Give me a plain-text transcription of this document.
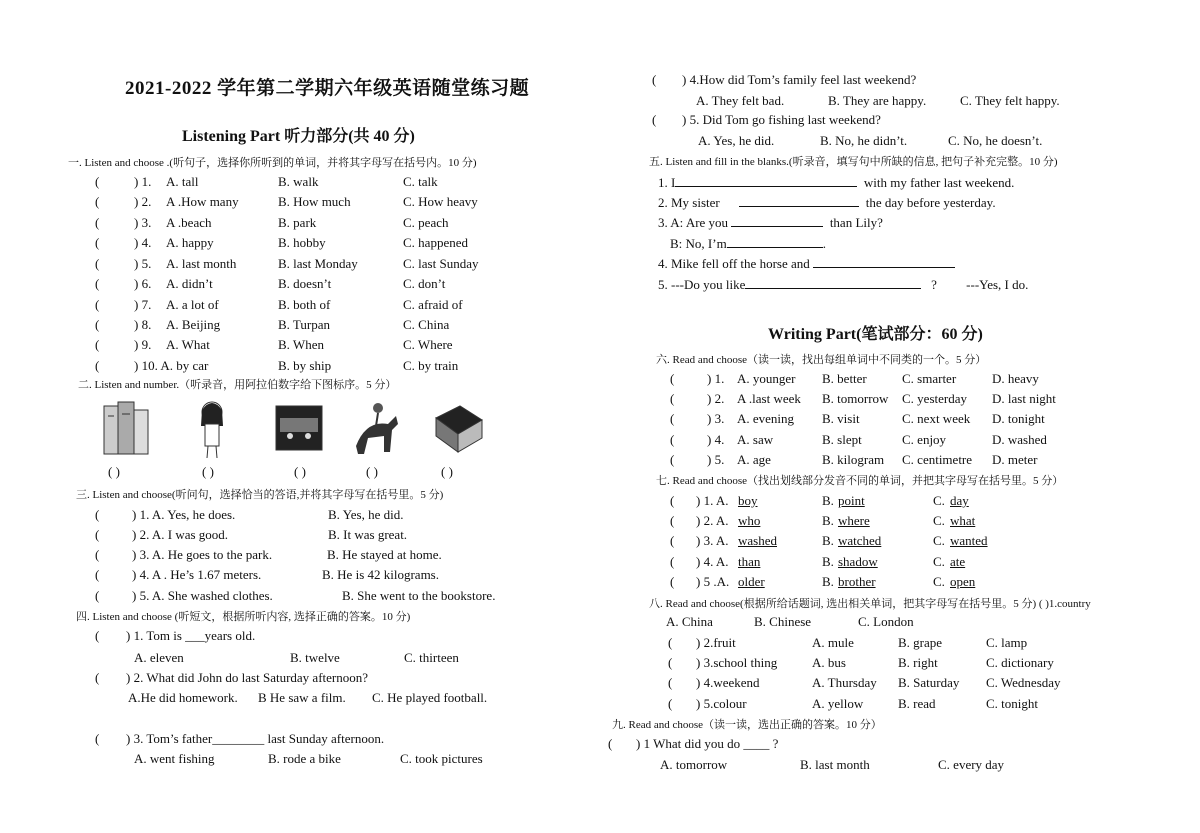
2021-2022 学年第二学期六年级英语随堂练习题
Listening Part 听力部分(共 40 分)
一. Listen and choose .(听句子，选择你所听到的单词，并将其字母写在括号内。10 分)
(	) 1. A. tall	B. walk	C. talk
(	) 2. A .How many	B. How much	C. How heavy
(	) 3. A .beach	B. park	C. peach
(	) 4. A. happy	B. hobby	C. happened
(	) 5. A. last month	B. last Monday	C. last Sunday
(	) 6. A. didn’t	B. doesn’t	C. don’t
(	) 7. A. a lot of	B. both of	C. afraid of
(	) 8. A. Beijing	B. Turpan	C. China
(	) 9. A. What	B. When	C. Where
(	) 10. A. by car	B. by ship	C. by train
二. Listen and number.（听录音，用阿拉伯数字给下图标序。5 分）
( )	( )	( )	( )	( )
三. Listen and choose(听问句，选择恰当的答语,并将其字母写在括号里。5 分)
(	) 1. A. Yes, he does.	B. Yes, he did.
(	) 2. A. I was good.	B. It was great.
(	) 3. A. He goes to the park.	B. He stayed at home.
(	) 4. A . He’s 1.67 meters.	B. He is 42 kilograms.
(	) 5. A. She washed clothes.	B. She went to the bookstore.
四. Listen and choose (听短文，根据所听内容, 选择正确的答案。10 分)
( ) 1. Tom is ___years old.
A. eleven	B. twelve	C. thirteen
( ) 2. What did John do last Saturday afternoon?
A.He did homework. B He saw a film. C. He played football.
( ) 3. Tom’s father________ last Sunday afternoon.
A. went fishing	B. rode a bike	C. took pictures
( ) 4.How did Tom’s family feel last weekend?
A. They felt bad.	B. They are happy.	C. They felt happy.
( ) 5. Did Tom go fishing last weekend?
A. Yes, he did.	B. No, he didn’t.	C. No, he doesn’t.
五. Listen and fill in the blanks.(听录音，填写句中所缺的信息, 把句子补充完整。10 分)
1. I	with my father last weekend.
2. My sister	the day before yesterday.
3. A: Are you	than Lily?
B: No, I’m	.
4. Mike fell off the horse and
5. ---Do you like	? ---Yes, I do.
Writing Part(笔试部分：60 分)
六. Read and choose（读一读，找出每组单词中不同类的一个。5 分）
(	) 1. A. younger B. better	C. smarter	D. heavy
(	) 2. A .last week B. tomorrow C. yesterday D. last night
(	) 3. A. evening B. visit	C. next week D. tonight
(	) 4. A. saw	B. slept	C. enjoy	D. washed
(	) 5. A. age	B. kilogram C. centimetre D. meter
七. Read and choose（找出划线部分发音不同的单词，并把其字母写在括号里。5 分）
( ) 1. A. boy	B. point	C. day
( ) 2. A. who	B. where	C. what
( ) 3. A. washed	B. watched	C. wanted
( ) 4. A. than	B. shadow	C. ate
( ) 5 .A. older	B. brother	C. open
八. Read and choose(根据所给话题词, 选出相关单词，把其字母写在括号里。5 分) ( )1.country
A. China	B. Chinese	C. London
( ) 2.fruit	A. mule	B. grape	C. lamp
( ) 3.school thing	A. bus	B. right	C. dictionary
( ) 4.weekend	A. Thursday B. Saturday C. Wednesday
( ) 5.colour	A. yellow	B. read	C. tonight
九. Read and choose（读一读，选出正确的答案。10 分）
( ) 1 What did you do ____ ?
A. tomorrow	B. last month	C. every day
